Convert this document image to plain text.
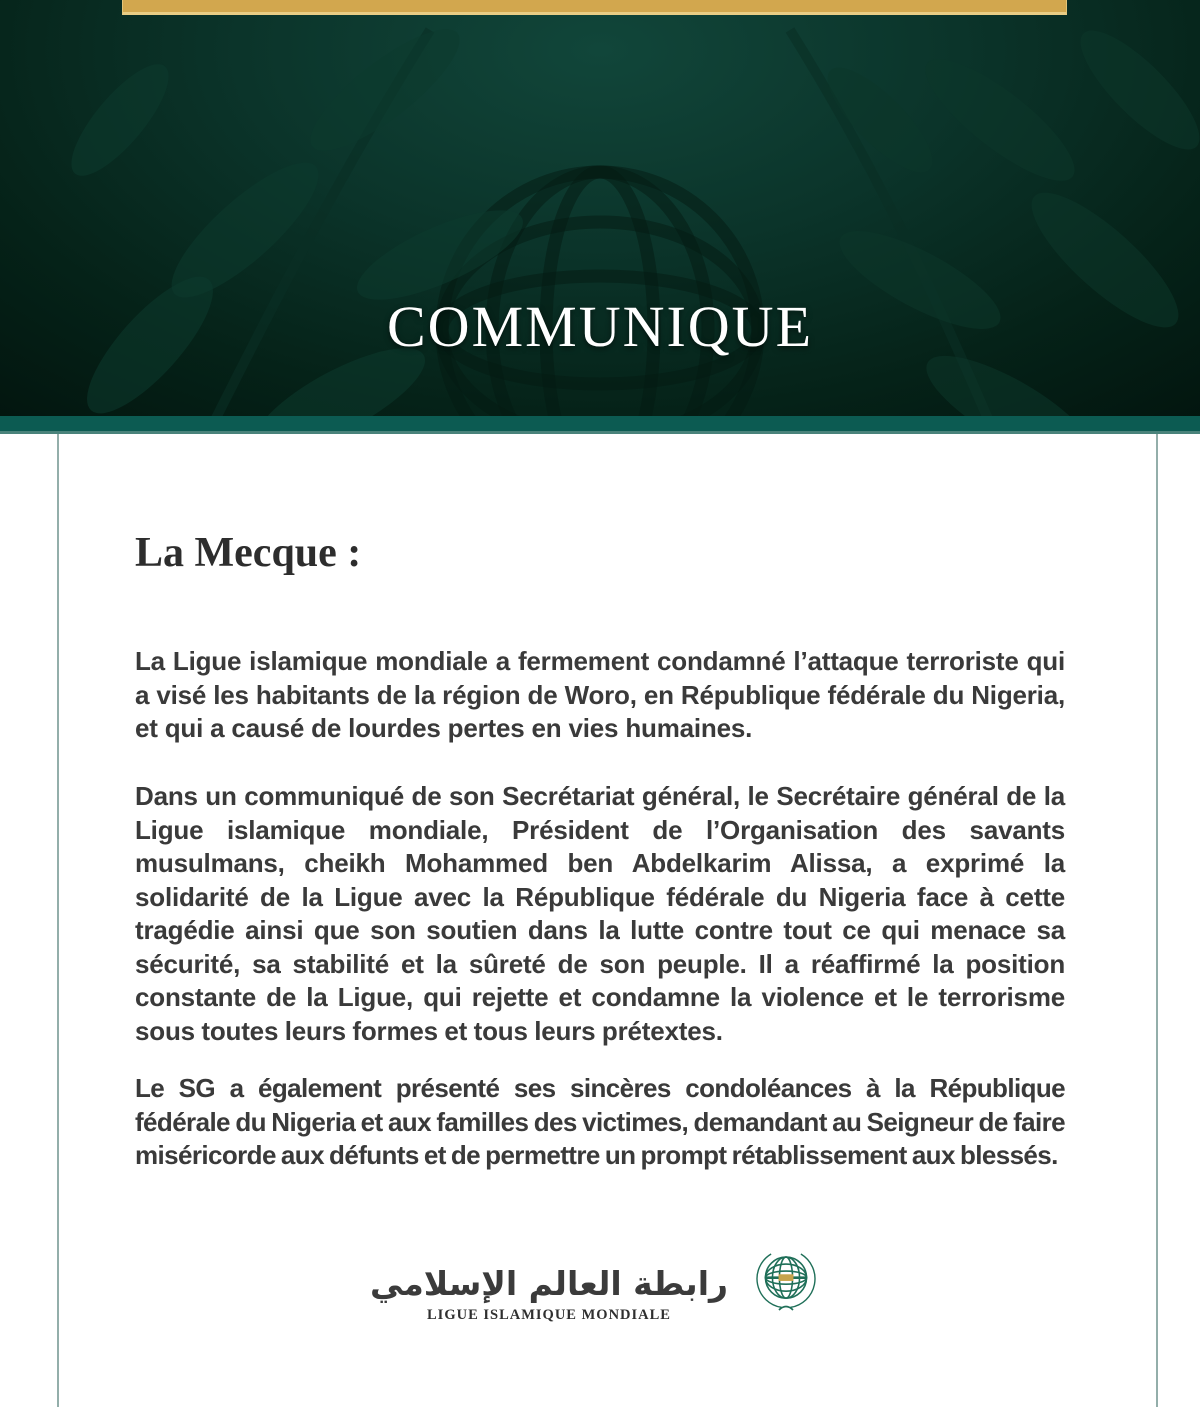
COMMUNIQUE
La Mecque :

La Ligue islamique mondiale a fermement condamné l’attaque terroriste qui a visé les habitants de la région de Woro, en République fédérale du Nigeria, et qui a causé de lourdes pertes en vies humaines.

Dans un communiqué de son Secrétariat général, le Secrétaire général de la Ligue islamique mondiale, Président de l’Organisation des savants musulmans, cheikh Mohammed ben Abdelkarim Alissa, a exprimé la solidarité de la Ligue avec la République fédérale du Nigeria face à cette tragédie ainsi que son soutien dans la lutte contre tout ce qui menace sa sécurité, sa stabilité et la sûreté de son peuple. Il a réaffirmé la position constante de la Ligue, qui rejette et condamne la violence et le terrorisme sous toutes leurs formes et tous leurs prétextes.

Le SG a également présenté ses sincères condoléances à la République fédérale du Nigeria et aux familles des victimes, demandant au Seigneur de faire miséricorde aux défunts et de permettre un prompt rétablissement aux blessés.

رابطة العالم الإسلامي
LIGUE ISLAMIQUE MONDIALE
